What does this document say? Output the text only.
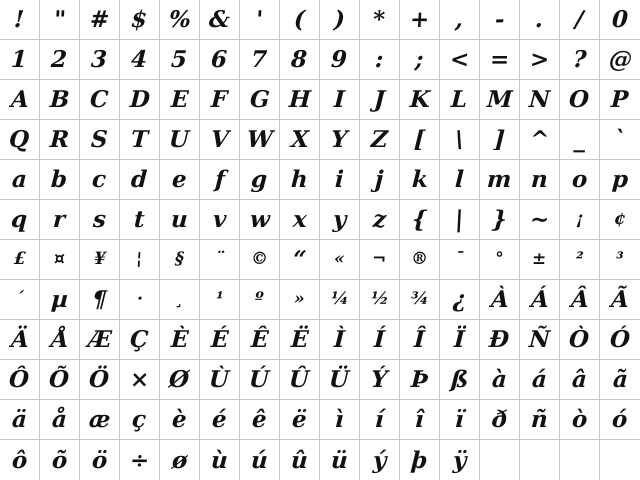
! " # $ % & ' ( ) * + , - . / 0
1 2 3 4 5 6 7 8 9 : ; < = > ? @
A B C D E F G H I J K L M N O P
Q R S T U V W X Y Z [ \ ] ^ _ `
a b c d e f g h i j k l m n o p
q r s t u v w x y z { | } ~ ¡ ¢
£ ¤ ¥ ¦ § ¨ © “ « ¬ ® ¯ ° ± ² ³
´ µ ¶ · ¸ ¹ º » ¼ ½ ¾ ¿ À Á Â Ã
Ä Å Æ Ç È É Ê Ë Ì Í Î Ï Ð Ñ Ò Ó
Ô Õ Ö × Ø Ù Ú Û Ü Ý Þ ß à á â ã
ä å æ ç è é ê ë ì í î ï ð ñ ò ó
ô õ ö ÷ ø ù ú û ü ý þ ÿ
